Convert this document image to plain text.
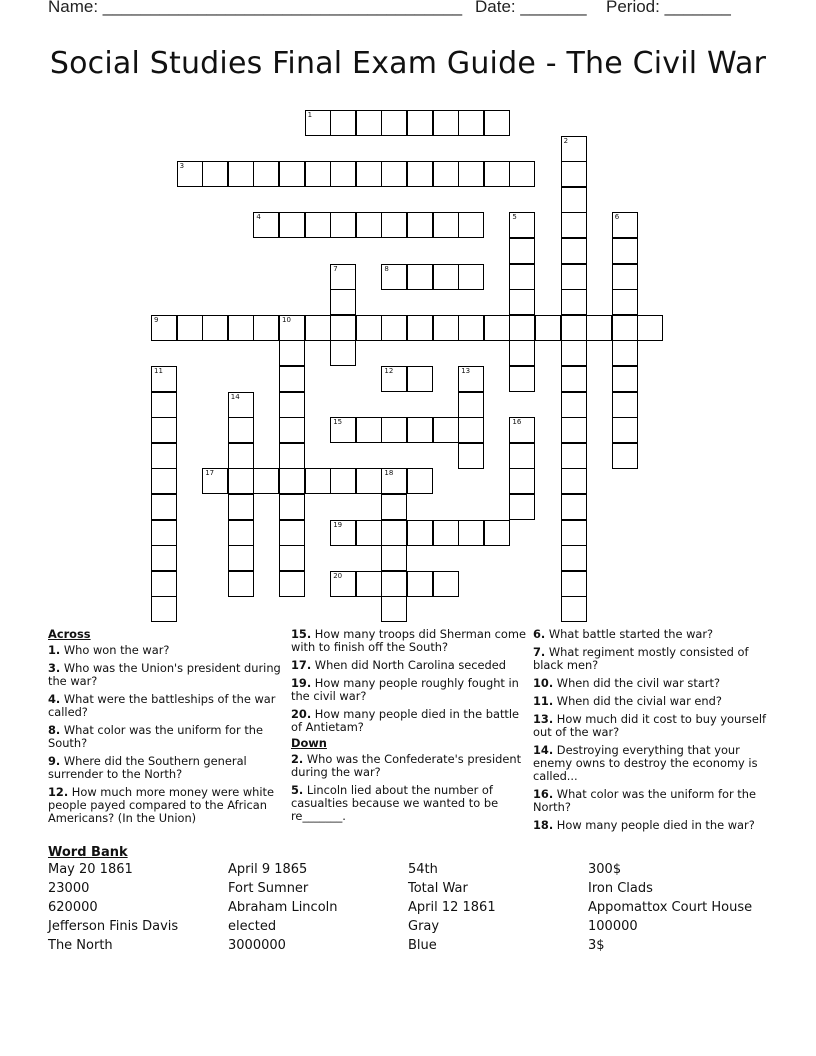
Name: ______________________________________ Date: _______ Period: _______
Social Studies Final Exam Guide - The Civil War
1
2
3
4	5	6
7	8
9	10
11	12	13
14
15	16
17	18
19
20
Across
1. Who won the war?
3. Who was the Union's president during the war?
4. What were the battleships of the war called?
8. What color was the uniform for the South?
9. Where did the Southern general surrender to the North?
12. How much more money were white people payed compared to the African Americans? (In the Union)
15. How many troops did Sherman come with to finish off the South?
17. When did North Carolina seceded
19. How many people roughly fought in the civil war?
20. How many people died in the battle of Antietam?
Down
2. Who was the Confederate's president during the war?
5. Lincoln lied about the number of casualties because we wanted to be re_______.
6. What battle started the war?
7. What regiment mostly consisted of black men?
10. When did the civil war start?
11. When did the civial war end?
13. How much did it cost to buy yourself out of the war?
14. Destroying everything that your enemy owns to destroy the economy is called...
16. What color was the uniform for the North?
18. How many people died in the war?
Word Bank
May 20 1861	April 9 1865	54th	300$
23000	Fort Sumner	Total War	Iron Clads
620000	Abraham Lincoln	April 12 1861	Appomattox Court House
Jefferson Finis Davis	elected	Gray	100000
The North	3000000	Blue	3$
